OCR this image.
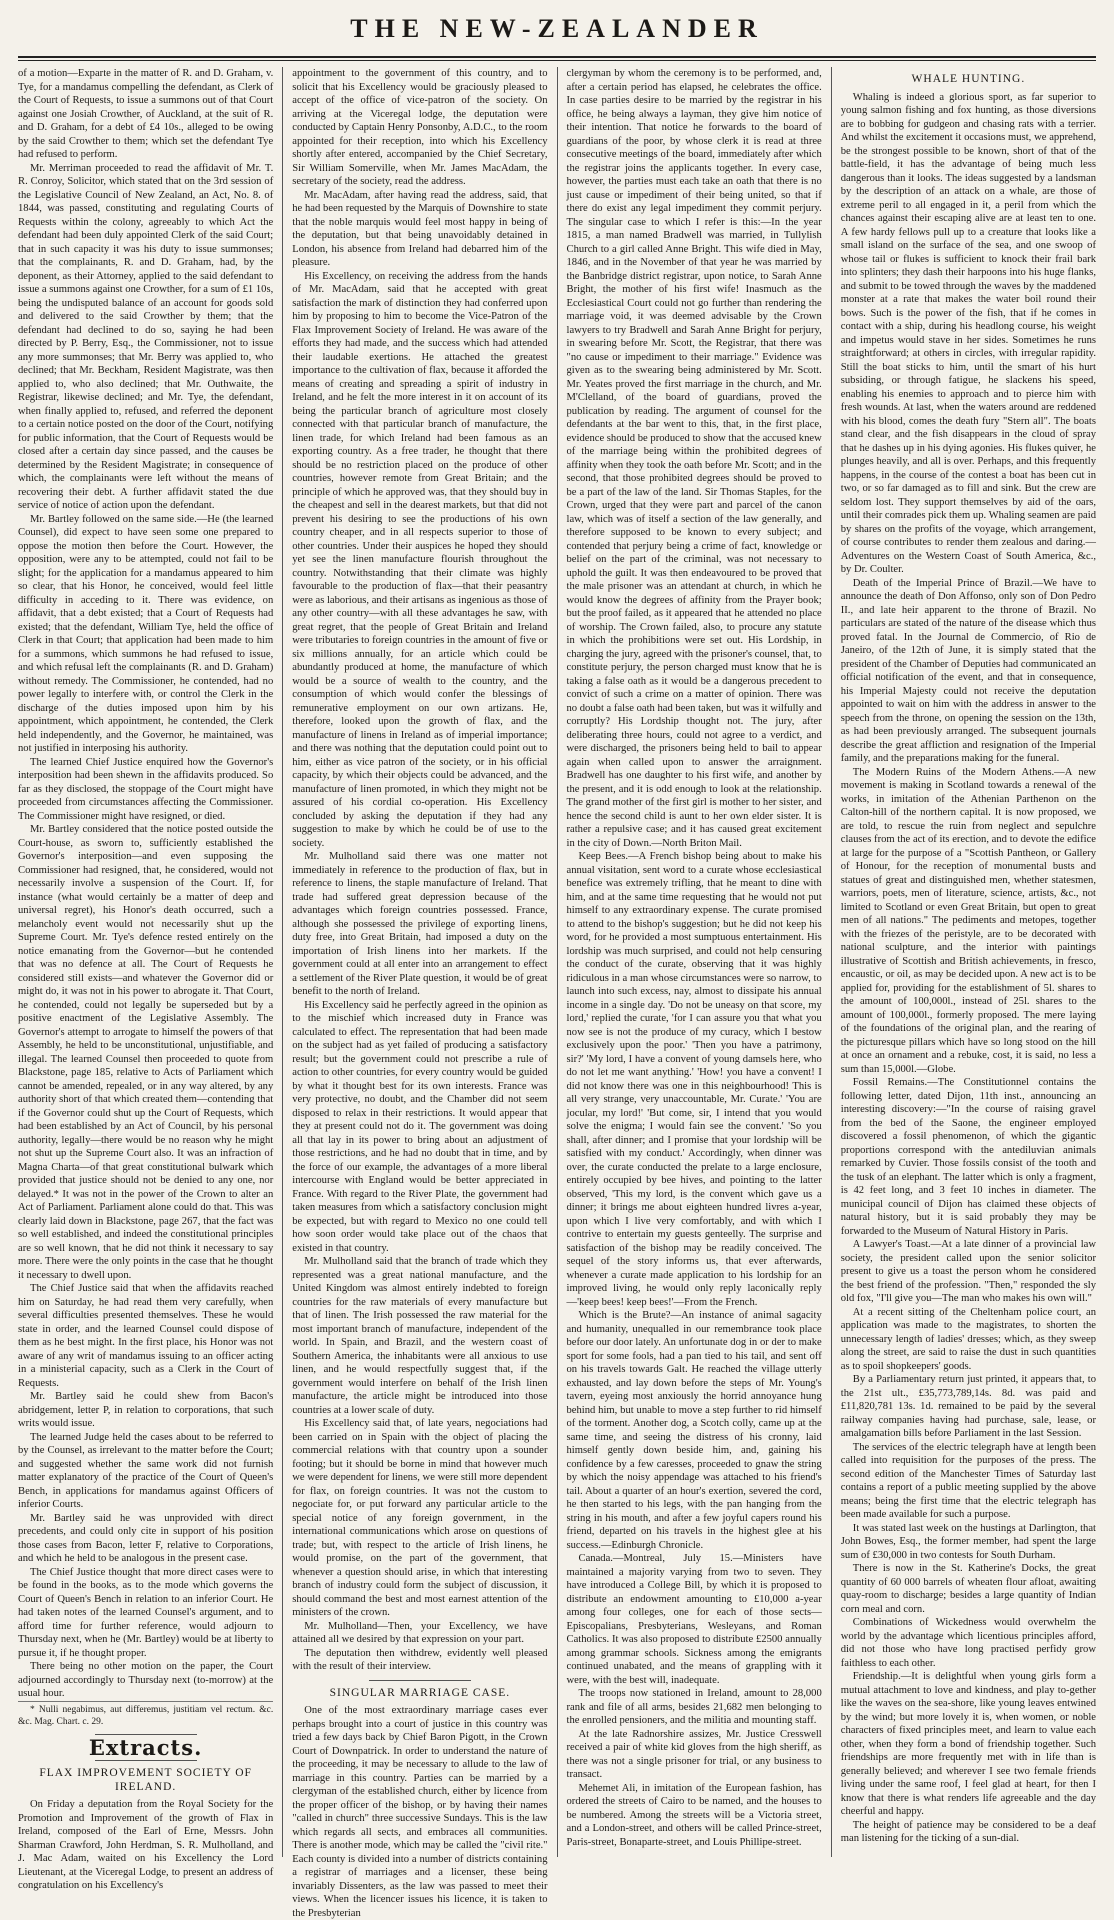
THE NEW-ZEALANDER

of a motion—Exparte in the matter of R. and D. Graham, v. Tye, for a mandamus compelling the defendant, as Clerk of the Court of Requests, to issue a summons out of that Court against one Josiah Crowther, of Auckland, at the suit of R. and D. Graham, for a debt of £4 10s., alleged to be owing by the said Crowther to them; which set the defendant Tye had refused to perform.

Mr. Merriman proceeded to read the affidavit of Mr. T. R. Conroy, Solicitor, which stated that on the 3rd session of the Legislative Council of New Zealand, an Act, No. 8. of 1844, was passed, constituting and regulating Courts of Requests within the colony, agreeably to which Act the defendant had been duly appointed Clerk of the said Court; that in such capacity it was his duty to issue summonses; that the complainants, R. and D. Graham, had, by the deponent, as their Attorney, applied to the said defendant to issue a summons against one Crowther, for a sum of £1 10s, being the undisputed balance of an account for goods sold and delivered to the said Crowther by them; that the defendant had declined to do so, saying he had been directed by P. Berry, Esq., the Commissioner, not to issue any more summonses; that Mr. Berry was applied to, who declined; that Mr. Beckham, Resident Magistrate, was then applied to, who also declined; that Mr. Outhwaite, the Registrar, likewise declined; and Mr. Tye, the defendant, when finally applied to, refused, and referred the deponent to a certain notice posted on the door of the Court, notifying for public information, that the Court of Requests would be closed after a certain day since passed, and the causes be determined by the Resident Magistrate; in consequence of which, the complainants were left without the means of recovering their debt. A further affidavit stated the due service of notice of action upon the defendant.

Mr. Bartley followed on the same side.—He (the learned Counsel), did expect to have seen some one prepared to oppose the motion then before the Court. However, the opposition, were any to be attempted, could not fail to be slight; for the application for a mandamus appeared to him so clear, that his Honor, he conceived, would feel little difficulty in acceding to it. There was evidence, on affidavit, that a debt existed; that a Court of Requests had existed; that the defendant, William Tye, held the office of Clerk in that Court; that application had been made to him for a summons, which summons he had refused to issue, and which refusal left the complainants (R. and D. Graham) without remedy. The Commissioner, he contended, had no power legally to interfere with, or control the Clerk in the discharge of the duties imposed upon him by his appointment, which appointment, he contended, the Clerk held independently, and the Governor, he maintained, was not justified in interposing his authority.

The learned Chief Justice enquired how the Governor's interposition had been shewn in the affidavits produced. So far as they disclosed, the stoppage of the Court might have proceeded from circumstances affecting the Commissioner. The Commissioner might have resigned, or died.

Mr. Bartley considered that the notice posted outside the Court-house, as sworn to, sufficiently established the Governor's interposition—and even supposing the Commissioner had resigned, that, he considered, would not necessarily involve a suspension of the Court. If, for instance (what would certainly be a matter of deep and universal regret), his Honor's death occurred, such a melancholy event would not necessarily shut up the Supreme Court. Mr. Tye's defence rested entirely on the notice emanating from the Governor—but he contended that was no defence at all. The Court of Requests he considered still exists—and whatever the Governor did or might do, it was not in his power to abrogate it. That Court, he contended, could not legally be superseded but by a positive enactment of the Legislative Assembly. The Governor's attempt to arrogate to himself the powers of that Assembly, he held to be unconstitutional, unjustifiable, and illegal. The learned Counsel then proceeded to quote from Blackstone, page 185, relative to Acts of Parliament which cannot be amended, repealed, or in any way altered, by any authority short of that which created them—contending that if the Governor could shut up the Court of Requests, which had been established by an Act of Council, by his personal authority, legally—there would be no reason why he might not shut up the Supreme Court also. It was an infraction of Magna Charta—of that great constitutional bulwark which provided that justice should not be denied to any one, nor delayed.* It was not in the power of the Crown to alter an Act of Parliament. Parliament alone could do that. This was clearly laid down in Blackstone, page 267, that the fact was so well established, and indeed the constitutional principles are so well known, that he did not think it necessary to say more. There were the only points in the case that he thought it necessary to dwell upon.

The Chief Justice said that when the affidavits reached him on Saturday, he had read them very carefully, when several difficulties presented themselves. These he would state in order, and the learned Counsel could dispose of them as he best might. In the first place, his Honor was not aware of any writ of mandamus issuing to an officer acting in a ministerial capacity, such as a Clerk in the Court of Requests.

Mr. Bartley said he could shew from Bacon's abridgement, letter P, in relation to corporations, that such writs would issue.

The learned Judge held the cases about to be referred to by the Counsel, as irrelevant to the matter before the Court; and suggested whether the same work did not furnish matter explanatory of the practice of the Court of Queen's Bench, in applications for mandamus against Officers of inferior Courts.

Mr. Bartley said he was unprovided with direct precedents, and could only cite in support of his position those cases from Bacon, letter F, relative to Corporations, and which he held to be analogous in the present case.

The Chief Justice thought that more direct cases were to be found in the books, as to the mode which governs the Court of Queen's Bench in relation to an inferior Court. He had taken notes of the learned Counsel's argument, and to afford time for further reference, would adjourn to Thursday next, when he (Mr. Bartley) would be at liberty to pursue it, if he thought proper.

There being no other motion on the paper, the Court adjourned accordingly to Thursday next (to-morrow) at the usual hour.

* Nulli negabimus, aut differemus, justitiam vel rectum. &c. &c. Mag. Chart. c. 29.

Extracts.
FLAX IMPROVEMENT SOCIETY OF IRELAND.

On Friday a deputation from the Royal Society for the Promotion and Improvement of the growth of Flax in Ireland, composed of the Earl of Erne, Messrs. John Sharman Crawford, John Herdman, S. R. Mulholland, and J. Mac Adam, waited on his Excellency the Lord Lieutenant, at the Viceregal Lodge, to present an address of congratulation on his Excellency's

appointment to the government of this country, and to solicit that his Excellency would be graciously pleased to accept of the office of vice-patron of the society. On arriving at the Viceregal lodge, the deputation were conducted by Captain Henry Ponsonby, A.D.C., to the room appointed for their reception, into which his Excellency shortly after entered, accompanied by the Chief Secretary, Sir William Somerville, when Mr. James MacAdam, the secretary of the society, read the address.

Mr. MacAdam, after having read the address, said, that he had been requested by the Marquis of Downshire to state that the noble marquis would feel most happy in being of the deputation, but that being unavoidably detained in London, his absence from Ireland had debarred him of the pleasure.

His Excellency, on receiving the address from the hands of Mr. MacAdam, said that he accepted with great satisfaction the mark of distinction they had conferred upon him by proposing to him to become the Vice-Patron of the Flax Improvement Society of Ireland. He was aware of the efforts they had made, and the success which had attended their laudable exertions. He attached the greatest importance to the cultivation of flax, because it afforded the means of creating and spreading a spirit of industry in Ireland, and he felt the more interest in it on account of its being the particular branch of agriculture most closely connected with that particular branch of manufacture, the linen trade, for which Ireland had been famous as an exporting country. As a free trader, he thought that there should be no restriction placed on the produce of other countries, however remote from Great Britain; and the principle of which he approved was, that they should buy in the cheapest and sell in the dearest markets, but that did not prevent his desiring to see the productions of his own country cheaper, and in all respects superior to those of other countries. Under their auspices he hoped they should yet see the linen manufacture flourish throughout the country. Notwithstanding that their climate was highly favourable to the production of flax—that their peasantry were as laborious, and their artisans as ingenious as those of any other country—with all these advantages he saw, with great regret, that the people of Great Britain and Ireland were tributaries to foreign countries in the amount of five or six millions annually, for an article which could be abundantly produced at home, the manufacture of which would be a source of wealth to the country, and the consumption of which would confer the blessings of remunerative employment on our own artizans. He, therefore, looked upon the growth of flax, and the manufacture of linens in Ireland as of imperial importance; and there was nothing that the deputation could point out to him, either as vice patron of the society, or in his official capacity, by which their objects could be advanced, and the manufacture of linen promoted, in which they might not be assured of his cordial co-operation. His Excellency concluded by asking the deputation if they had any suggestion to make by which he could be of use to the society.

Mr. Mulholland said there was one matter not immediately in reference to the production of flax, but in reference to linens, the staple manufacture of Ireland. That trade had suffered great depression because of the advantages which foreign countries possessed. France, although she possessed the privilege of exporting linens, duty free, into Great Britain, had imposed a duty on the importation of Irish linens into her markets. If the government could at all enter into an arrangement to effect a settlement of the River Plate question, it would be of great benefit to the north of Ireland.

His Excellency said he perfectly agreed in the opinion as to the mischief which increased duty in France was calculated to effect. The representation that had been made on the subject had as yet failed of producing a satisfactory result; but the government could not prescribe a rule of action to other countries, for every country would be guided by what it thought best for its own interests. France was very protective, no doubt, and the Chamber did not seem disposed to relax in their restrictions. It would appear that they at present could not do it. The government was doing all that lay in its power to bring about an adjustment of those restrictions, and he had no doubt that in time, and by the force of our example, the advantages of a more liberal intercourse with England would be better appreciated in France. With regard to the River Plate, the government had taken measures from which a satisfactory conclusion might be expected, but with regard to Mexico no one could tell how soon order would take place out of the chaos that existed in that country.

Mr. Mulholland said that the branch of trade which they represented was a great national manufacture, and the United Kingdom was almost entirely indebted to foreign countries for the raw materials of every manufacture but that of linen. The Irish possessed the raw material for the most important branch of manufacture, independent of the world. In Spain, and Brazil, and the western coast of Southern America, the inhabitants were all anxious to use linen, and he would respectfully suggest that, if the government would interfere on behalf of the Irish linen manufacture, the article might be introduced into those countries at a lower scale of duty.

His Excellency said that, of late years, negociations had been carried on in Spain with the object of placing the commercial relations with that country upon a sounder footing; but it should be borne in mind that however much we were dependent for linens, we were still more dependent for flax, on foreign countries. It was not the custom to negociate for, or put forward any particular article to the special notice of any foreign government, in the international communications which arose on questions of trade; but, with respect to the article of Irish linens, he would promise, on the part of the government, that whenever a question should arise, in which that interesting branch of industry could form the subject of discussion, it should command the best and most earnest attention of the ministers of the crown.

Mr. Mulholland—Then, your Excellency, we have attained all we desired by that expression on your part.

The deputation then withdrew, evidently well pleased with the result of their interview.

SINGULAR MARRIAGE CASE.

One of the most extraordinary marriage cases ever perhaps brought into a court of justice in this country was tried a few days back by Chief Baron Pigott, in the Crown Court of Downpatrick. In order to understand the nature of the proceeding, it may be necessary to allude to the law of marriage in this country. Parties can be married by a clergyman of the established church, either by licence from the proper officer of the bishop, or by having their names "called in church" three successive Sundays. This is the law which regards all sects, and embraces all communities. There is another mode, which may be called the "civil rite." Each county is divided into a number of districts containing a registrar of marriages and a licenser, these being invariably Dissenters, as the law was passed to meet their views. When the licencer issues his licence, it is taken to the Presbyterian

clergyman by whom the ceremony is to be performed, and, after a certain period has elapsed, he celebrates the office. In case parties desire to be married by the registrar in his office, he being always a layman, they give him notice of their intention. That notice he forwards to the board of guardians of the poor, by whose clerk it is read at three consecutive meetings of the board, immediately after which the registrar joins the applicants together. In every case, however, the parties must each take an oath that there is no just cause or impediment of their being united, so that if there do exist any legal impediment they commit perjury. The singular case to which I refer is this:—In the year 1815, a man named Bradwell was married, in Tullylish Church to a girl called Anne Bright. This wife died in May, 1846, and in the November of that year he was married by the Banbridge district registrar, upon notice, to Sarah Anne Bright, the mother of his first wife! Inasmuch as the Ecclesiastical Court could not go further than rendering the marriage void, it was deemed advisable by the Crown lawyers to try Bradwell and Sarah Anne Bright for perjury, in swearing before Mr. Scott, the Registrar, that there was "no cause or impediment to their marriage." Evidence was given as to the swearing being administered by Mr. Scott. Mr. Yeates proved the first marriage in the church, and Mr. M'Clelland, of the board of guardians, proved the publication by reading. The argument of counsel for the defendants at the bar went to this, that, in the first place, evidence should be produced to show that the accused knew of the marriage being within the prohibited degrees of affinity when they took the oath before Mr. Scott; and in the second, that those prohibited degrees should be proved to be a part of the law of the land. Sir Thomas Staples, for the Crown, urged that they were part and parcel of the canon law, which was of itself a section of the law generally, and therefore supposed to be known to every subject; and contended that perjury being a crime of fact, knowledge or belief on the part of the criminal, was not necessary to uphold the guilt. It was then endeavoured to be proved that the male prisoner was an attendant at church, in which he would know the degrees of affinity from the Prayer book; but the proof failed, as it appeared that he attended no place of worship. The Crown failed, also, to procure any statute in which the prohibitions were set out. His Lordship, in charging the jury, agreed with the prisoner's counsel, that, to constitute perjury, the person charged must know that he is taking a false oath as it would be a dangerous precedent to convict of such a crime on a matter of opinion. There was no doubt a false oath had been taken, but was it wilfully and corruptly? His Lordship thought not. The jury, after deliberating three hours, could not agree to a verdict, and were discharged, the prisoners being held to bail to appear again when called upon to answer the arraignment. Bradwell has one daughter to his first wife, and another by the present, and it is odd enough to look at the relationship. The grand mother of the first girl is mother to her sister, and hence the second child is aunt to her own elder sister. It is rather a repulsive case; and it has caused great excitement in the city of Down.—North Briton Mail.

Keep Bees.—A French bishop being about to make his annual visitation, sent word to a curate whose ecclesiastical benefice was extremely trifling, that he meant to dine with him, and at the same time requesting that he would not put himself to any extraordinary expense. The curate promised to attend to the bishop's suggestion; but he did not keep his word, for he provided a most sumptuous entertainment. His lordship was much surprised, and could not help censuring the conduct of the curate, observing that it was highly ridiculous in a man whose circumstances were so narrow, to launch into such excess, nay, almost to dissipate his annual income in a single day. 'Do not be uneasy on that score, my lord,' replied the curate, 'for I can assure you that what you now see is not the produce of my curacy, which I bestow exclusively upon the poor.' 'Then you have a patrimony, sir?' 'My lord, I have a convent of young damsels here, who do not let me want anything.' 'How! you have a convent! I did not know there was one in this neighbourhood! This is all very strange, very unaccountable, Mr. Curate.' 'You are jocular, my lord!' 'But come, sir, I intend that you would solve the enigma; I would fain see the convent.' 'So you shall, after dinner; and I promise that your lordship will be satisfied with my conduct.' Accordingly, when dinner was over, the curate conducted the prelate to a large enclosure, entirely occupied by bee hives, and pointing to the latter observed, 'This my lord, is the convent which gave us a dinner; it brings me about eighteen hundred livres a-year, upon which I live very comfortably, and with which I contrive to entertain my guests genteelly. The surprise and satisfaction of the bishop may be readily conceived. The sequel of the story informs us, that ever afterwards, whenever a curate made application to his lordship for an improved living, he would only reply laconically reply—'keep bees! keep bees!'—From the French.

Which is the Brute?—An instance of animal sagacity and humanity, unequalled in our remembrance took place before our door lately. An unfortunate dog in or der to make sport for some fools, had a pan tied to his tail, and sent off on his travels towards Galt. He reached the village utterly exhausted, and lay down before the steps of Mr. Young's tavern, eyeing most anxiously the horrid annoyance hung behind him, but unable to move a step further to rid himself of the torment. Another dog, a Scotch colly, came up at the same time, and seeing the distress of his cronny, laid himself gently down beside him, and, gaining his confidence by a few caresses, proceeded to gnaw the string by which the noisy appendage was attached to his friend's tail. About a quarter of an hour's exertion, severed the cord, he then started to his legs, with the pan hanging from the string in his mouth, and after a few joyful capers round his friend, departed on his travels in the highest glee at his success.—Edinburgh Chronicle.

Canada.—Montreal, July 15.—Ministers have maintained a majority varying from two to seven. They have introduced a College Bill, by which it is proposed to distribute an endowment amounting to £10,000 a-year among four colleges, one for each of those sects—Episcopalians, Presbyterians, Wesleyans, and Roman Catholics. It was also proposed to distribute £2500 annually among grammar schools. Sickness among the emigrants continued unabated, and the means of grappling with it were, with the best will, inadequate.

The troops now stationed in Ireland, amount to 28,000 rank and file of all arms, besides 21,682 men belonging to the enrolled pensioners, and the militia and mounting staff.

At the late Radnorshire assizes, Mr. Justice Cresswell received a pair of white kid gloves from the high sheriff, as there was not a single prisoner for trial, or any business to transact.

Mehemet Ali, in imitation of the European fashion, has ordered the streets of Cairo to be named, and the houses to be numbered. Among the streets will be a Victoria street, and a London-street, and others will be called Prince-street, Paris-street, Bonaparte-street, and Louis Phillipe-street.

WHALE HUNTING.

Whaling is indeed a glorious sport, as far superior to young salmon fishing and fox hunting, as those diversions are to bobbing for gudgeon and chasing rats with a terrier. And whilst the excitement it occasions must, we apprehend, be the strongest possible to be known, short of that of the battle-field, it has the advantage of being much less dangerous than it looks. The ideas suggested by a landsman by the description of an attack on a whale, are those of extreme peril to all engaged in it, a peril from which the chances against their escaping alive are at least ten to one. A few hardy fellows pull up to a creature that looks like a small island on the surface of the sea, and one swoop of whose tail or flukes is sufficient to knock their frail bark into splinters; they dash their harpoons into his huge flanks, and submit to be towed through the waves by the maddened monster at a rate that makes the water boil round their bows. Such is the power of the fish, that if he comes in contact with a ship, during his headlong course, his weight and impetus would stave in her sides. Sometimes he runs straightforward; at others in circles, with irregular rapidity. Still the boat sticks to him, until the smart of his hurt subsiding, or through fatigue, he slackens his speed, enabling his enemies to approach and to pierce him with fresh wounds. At last, when the waters around are reddened with his blood, comes the death fury "Stern all". The boats stand clear, and the fish disappears in the cloud of spray that he dashes up in his dying agonies. His flukes quiver, he plunges heavily, and all is over. Perhaps, and this frequently happens, in the course of the contest a boat has been cut in two, or so far damaged as to fill and sink. But the crew are seldom lost. They support themselves by aid of the oars, until their comrades pick them up. Whaling seamen are paid by shares on the profits of the voyage, which arrangement, of course contributes to render them zealous and daring.—Adventures on the Western Coast of South America, &c., by Dr. Coulter.

Death of the Imperial Prince of Brazil.—We have to announce the death of Don Affonso, only son of Don Pedro II., and late heir apparent to the throne of Brazil. No particulars are stated of the nature of the disease which thus proved fatal. In the Journal de Commercio, of Rio de Janeiro, of the 12th of June, it is simply stated that the president of the Chamber of Deputies had communicated an official notification of the event, and that in consequence, his Imperial Majesty could not receive the deputation appointed to wait on him with the address in answer to the speech from the throne, on opening the session on the 13th, as had been previously arranged. The subsequent journals describe the great affliction and resignation of the Imperial family, and the preparations making for the funeral.

The Modern Ruins of the Modern Athens.—A new movement is making in Scotland towards a renewal of the works, in imitation of the Athenian Parthenon on the Calton-hill of the northern capital. It is now proposed, we are told, to rescue the ruin from neglect and sepulchre clauses from the act of its erection, and to devote the edifice at large for the purpose of a "Scottish Pantheon, or Gallery of Honour, for the reception of monumental busts and statues of great and distinguished men, whether statesmen, warriors, poets, men of literature, science, artists, &c., not limited to Scotland or even Great Britain, but open to great men of all nations." The pediments and metopes, together with the friezes of the peristyle, are to be decorated with national sculpture, and the interior with paintings illustrative of Scottish and British achievements, in fresco, encaustic, or oil, as may be decided upon. A new act is to be applied for, providing for the establishment of 5l. shares to the amount of 100,000l., instead of 25l. shares to the amount of 100,000l., formerly proposed. The mere laying of the foundations of the original plan, and the rearing of the picturesque pillars which have so long stood on the hill at once an ornament and a rebuke, cost, it is said, no less a sum than 15,000l.—Globe.

Fossil Remains.—The Constitutionnel contains the following letter, dated Dijon, 11th inst., announcing an interesting discovery:—"In the course of raising gravel from the bed of the Saone, the engineer employed discovered a fossil phenomenon, of which the gigantic proportions correspond with the antediluvian animals remarked by Cuvier. Those fossils consist of the tooth and the tusk of an elephant. The latter which is only a fragment, is 42 feet long, and 3 feet 10 inches in diameter. The municipal council of Dijon has claimed these objects of natural history, but it is said probably they may be forwarded to the Museum of Natural History in Paris.

A Lawyer's Toast.—At a late dinner of a provincial law society, the president called upon the senior solicitor present to give us a toast the person whom he considered the best friend of the profession. "Then," responded the sly old fox, "I'll give you—The man who makes his own will."

At a recent sitting of the Cheltenham police court, an application was made to the magistrates, to shorten the unnecessary length of ladies' dresses; which, as they sweep along the street, are said to raise the dust in such quantities as to spoil shopkeepers' goods.

By a Parliamentary return just printed, it appears that, to the 21st ult., £35,773,789,14s. 8d. was paid and £11,820,781 13s. 1d. remained to be paid by the several railway companies having had purchase, sale, lease, or amalgamation bills before Parliament in the last Session.

The services of the electric telegraph have at length been called into requisition for the purposes of the press. The second edition of the Manchester Times of Saturday last contains a report of a public meeting supplied by the above means; being the first time that the electric telegraph has been made available for such a purpose.

It was stated last week on the hustings at Darlington, that John Bowes, Esq., the former member, had spent the large sum of £30,000 in two contests for South Durham.

There is now in the St. Katherine's Docks, the great quantity of 60 000 barrels of wheaten flour afloat, awaiting quay-room to discharge; besides a large quantity of Indian corn meal and corn.

Combinations of Wickedness would overwhelm the world by the advantage which licentious principles afford, did not those who have long practised perfidy grow faithless to each other.

Friendship.—It is delightful when young girls form a mutual attachment to love and kindness, and play to-gether like the waves on the sea-shore, like young leaves entwined by the wind; but more lovely it is, when women, or noble characters of fixed principles meet, and learn to value each other, when they form a bond of friendship together. Such friendships are more frequently met with in life than is generally believed; and wherever I see two female friends living under the same roof, I feel glad at heart, for then I know that there is what renders life agreeable and the day cheerful and happy.

The height of patience may be considered to be a deaf man listening for the ticking of a sun-dial.
